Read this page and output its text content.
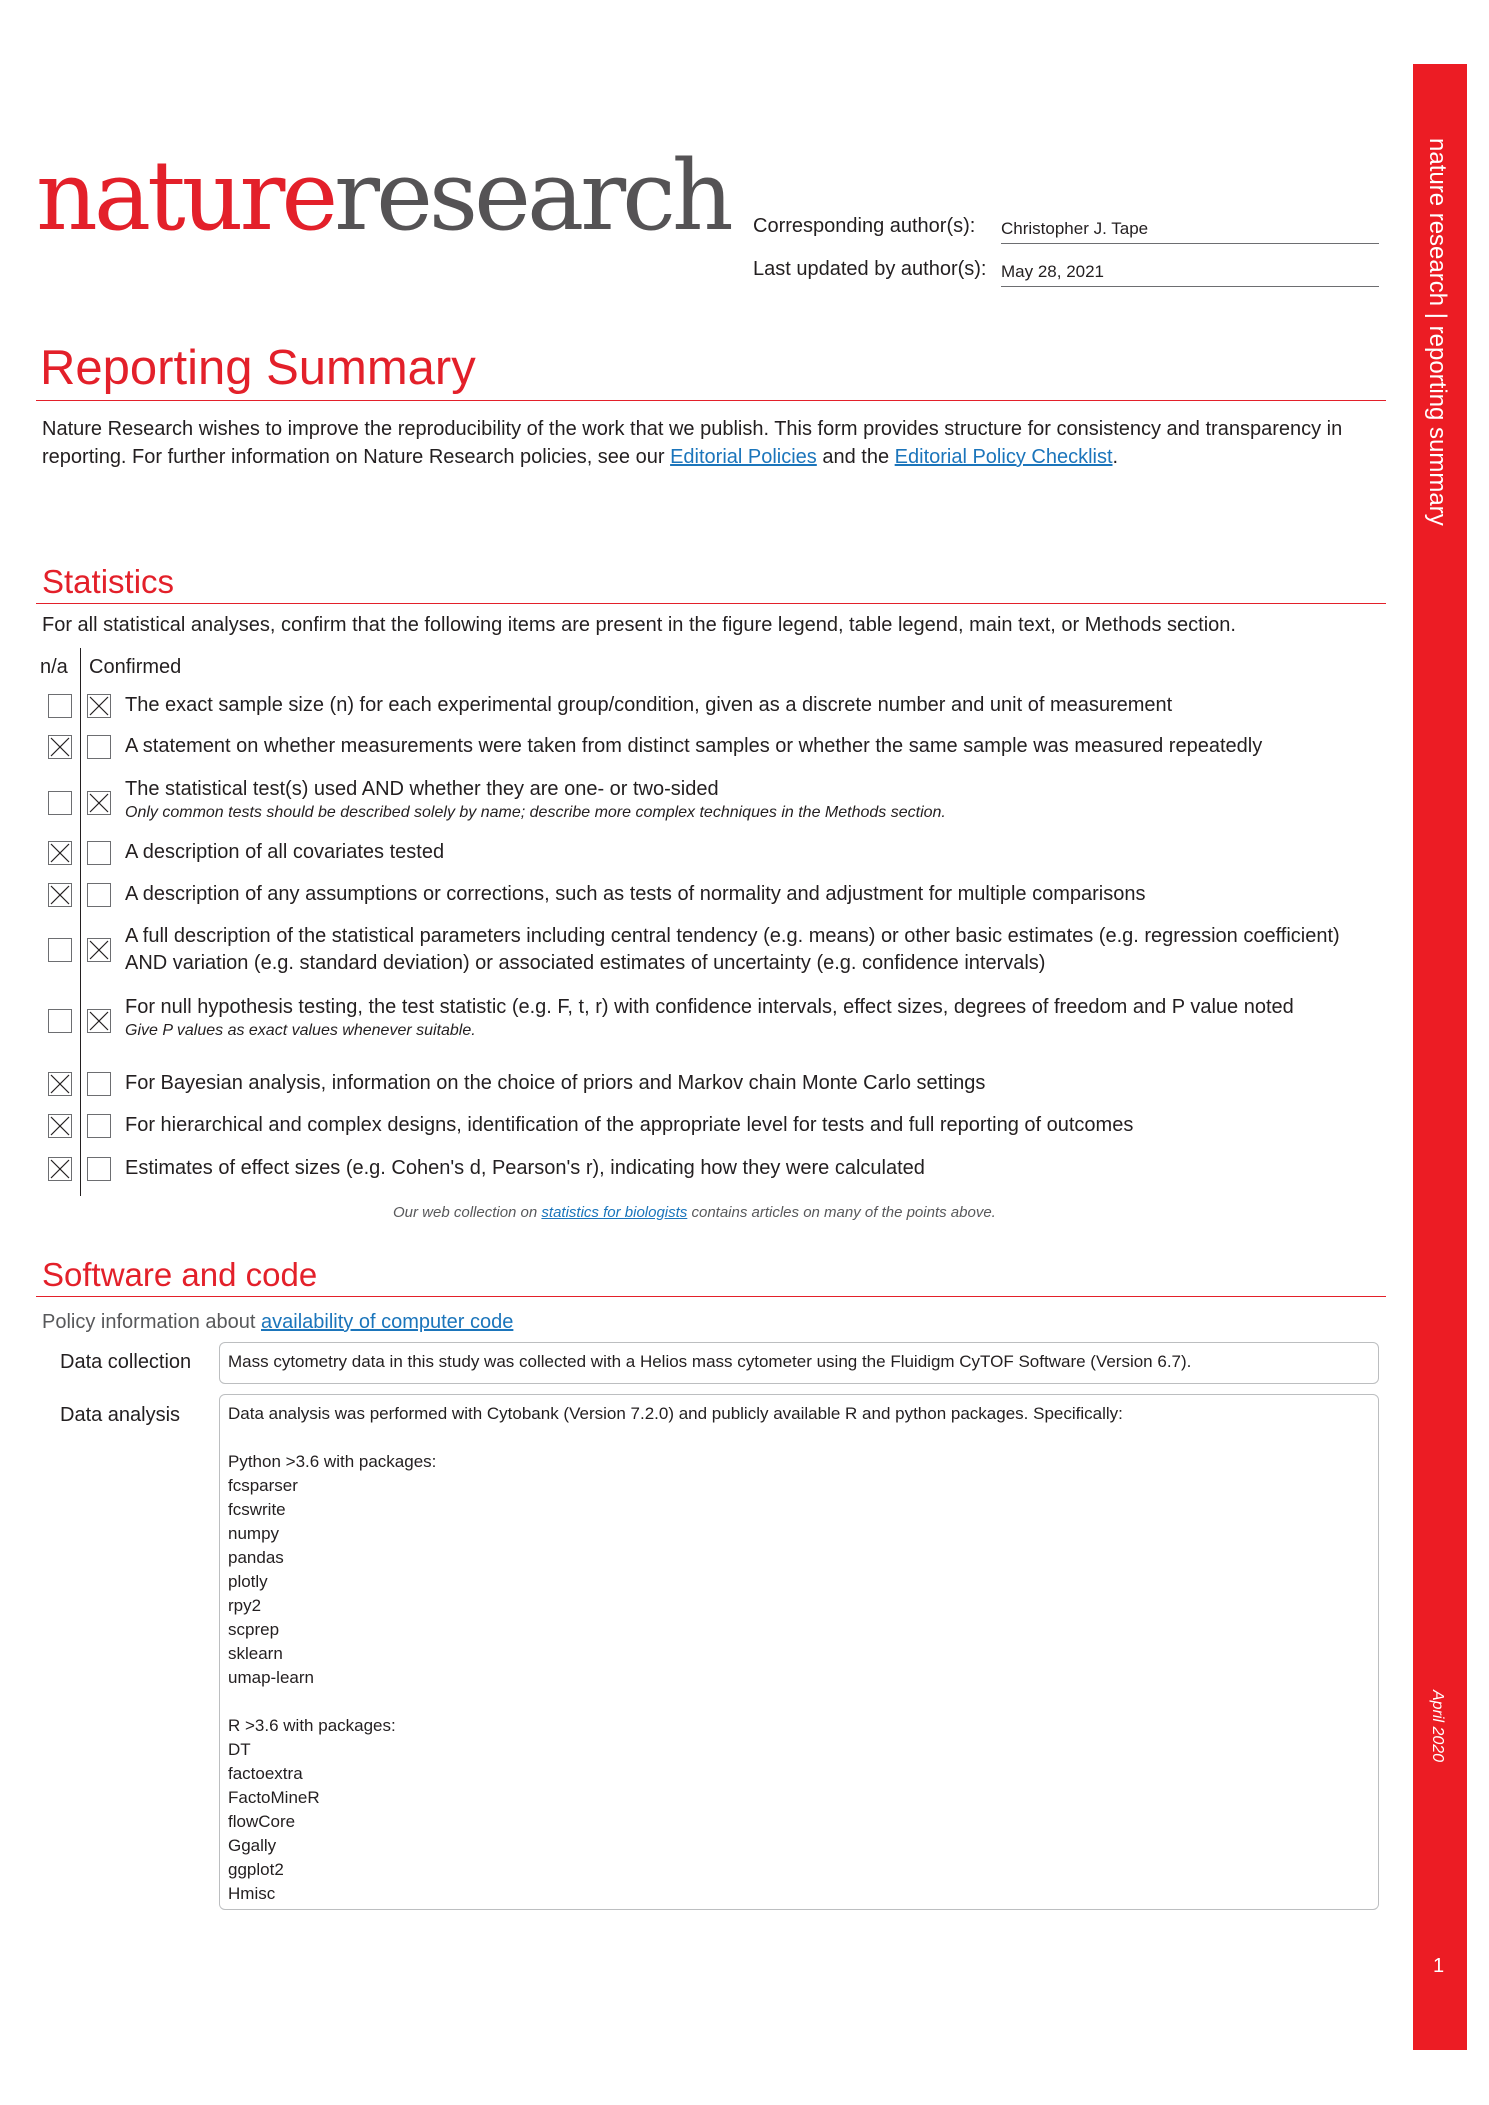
natureresearch Corresponding author(s): Christopher J. Tape
Last updated by author(s): May 28, 2021	nature research | reporting summary
April 2020
1
Reporting Summary
Nature Research wishes to improve the reproducibility of the work that we publish. This form provides structure for consistency and transparency in reporting. For further information on Nature Research policies, see our Editorial Policies and the Editorial Policy Checklist.
Statistics
For all statistical analyses, confirm that the following items are present in the figure legend, table legend, main text, or Methods section.
n/a Confirmed
The exact sample size (n) for each experimental group/condition, given as a discrete number and unit of measurement
A statement on whether measurements were taken from distinct samples or whether the same sample was measured repeatedly
The statistical test(s) used AND whether they are one- or two-sided
Only common tests should be described solely by name; describe more complex techniques in the Methods section.
A description of all covariates tested
A description of any assumptions or corrections, such as tests of normality and adjustment for multiple comparisons
A full description of the statistical parameters including central tendency (e.g. means) or other basic estimates (e.g. regression coefficient)
AND variation (e.g. standard deviation) or associated estimates of uncertainty (e.g. confidence intervals)
For null hypothesis testing, the test statistic (e.g. F, t, r) with confidence intervals, effect sizes, degrees of freedom and P value noted
Give P values as exact values whenever suitable.
For Bayesian analysis, information on the choice of priors and Markov chain Monte Carlo settings
For hierarchical and complex designs, identification of the appropriate level for tests and full reporting of outcomes
Estimates of effect sizes (e.g. Cohen's d, Pearson's r), indicating how they were calculated
Our web collection on statistics for biologists contains articles on many of the points above.
Software and code
Policy information about availability of computer code
Data collection Mass cytometry data in this study was collected with a Helios mass cytometer using the Fluidigm CyTOF Software (Version 6.7).
Data analysis	Data analysis was performed with Cytobank (Version 7.2.0) and publicly available R and python packages. Specifically:
Python >3.6 with packages:
fcsparser
fcswrite
numpy
pandas
plotly
rpy2
scprep
sklearn
umap-learn
R >3.6 with packages:
DT
factoextra
FactoMineR
flowCore
Ggally
ggplot2
Hmisc
